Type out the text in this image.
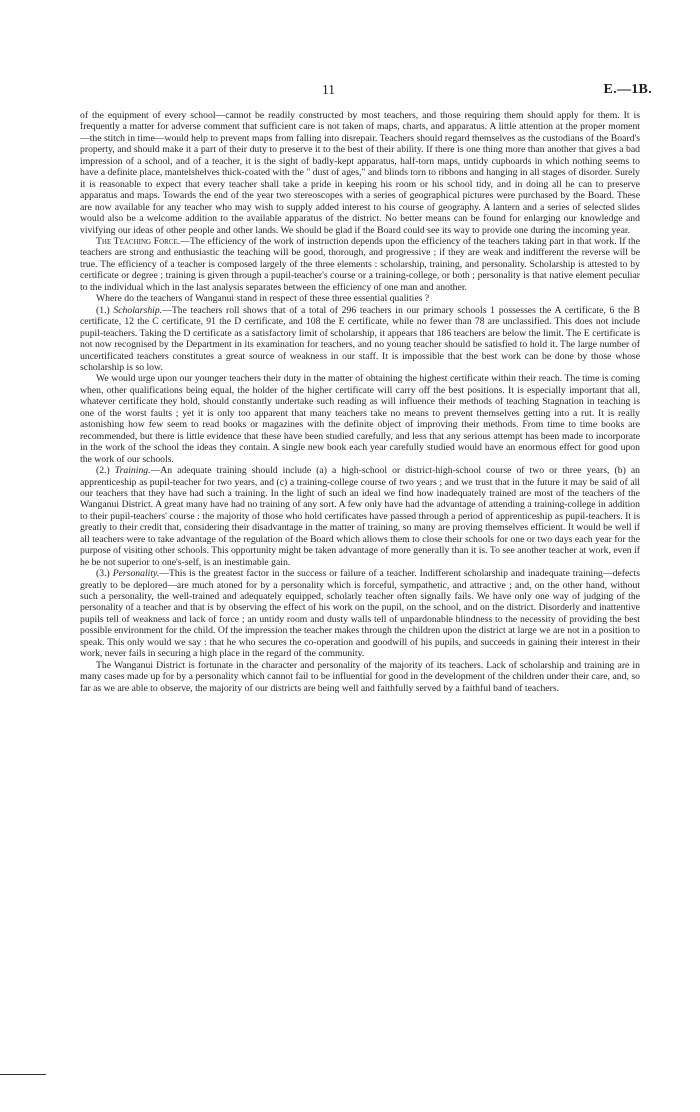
11	E.—1B.

of the equipment of every school—cannot be readily constructed by most teachers, and those requiring them should apply for them. It is frequently a matter for adverse comment that sufficient care is not taken of maps, charts, and apparatus. A little attention at the proper moment—the stitch in time—would help to prevent maps from falling into disrepair. Teachers should regard themselves as the custodians of the Board's property, and should make it a part of their duty to preserve it to the best of their ability. If there is one thing more than another that gives a bad impression of a school, and of a teacher, it is the sight of badly-kept apparatus, half-torn maps, untidy cupboards in which nothing seems to have a definite place, mantelshelves thick-coated with the " dust of ages," and blinds torn to ribbons and hanging in all stages of disorder. Surely it is reasonable to expect that every teacher shall take a pride in keeping his room or his school tidy, and in doing all he can to preserve apparatus and maps. Towards the end of the year two stereoscopes with a series of geographical pictures were purchased by the Board. These are now available for any teacher who may wish to supply added interest to his course of geography. A lantern and a series of selected slides would also be a welcome addition to the available apparatus of the district. No better means can be found for enlarging our knowledge and vivifying our ideas of other people and other lands. We should be glad if the Board could see its way to provide one during the incoming year.

The Teaching Force.—The efficiency of the work of instruction depends upon the efficiency of the teachers taking part in that work. If the teachers are strong and enthusiastic the teaching will be good, thorough, and progressive ; if they are weak and indifferent the reverse will be true. The efficiency of a teacher is composed largely of the three elements : scholarship, training, and personality. Scholarship is attested to by certificate or degree ; training is given through a pupil-teacher's course or a training-college, or both ; personality is that native element peculiar to the individual which in the last analysis separates between the efficiency of one man and another.

Where do the teachers of Wanganui stand in respect of these three essential qualities ?

(1.) Scholarship.—The teachers roll shows that of a total of 296 teachers in our primary schools 1 possesses the A certificate, 6 the B certificate, 12 the C certificate, 91 the D certificate, and 108 the E certificate, while no fewer than 78 are unclassified. This does not include pupil-teachers. Taking the D certificate as a satisfactory limit of scholarship, it appears that 186 teachers are below the limit. The E certificate is not now recognised by the Department in its examination for teachers, and no young teacher should be satisfied to hold it. The large number of uncertificated teachers constitutes a great source of weakness in our staff. It is impossible that the best work can be done by those whose scholarship is so low.

We would urge upon our younger teachers their duty in the matter of obtaining the highest certificate within their reach. The time is coming when, other qualifications being equal, the holder of the higher certificate will carry off the best positions. It is especially important that all, whatever certificate they hold, should constantly undertake such reading as will influence their methods of teaching Stagnation in teaching is one of the worst faults ; yet it is only too apparent that many teachers take no means to prevent themselves getting into a rut. It is really astonishing how few seem to read books or magazines with the definite object of improving their methods. From time to time books are recommended, but there is little evidence that these have been studied carefully, and less that any serious attempt has been made to incorporate in the work of the school the ideas they contain. A single new book each year carefully studied would have an enormous effect for good upon the work of our schools.

(2.) Training.—An adequate training should include (a) a high-school or district-high-school course of two or three years, (b) an apprenticeship as pupil-teacher for two years, and (c) a training-college course of two years ; and we trust that in the future it may be said of all our teachers that they have had such a training. In the light of such an ideal we find how inadequately trained are most of the teachers of the Wanganui District. A great many have had no training of any sort. A few only have had the advantage of attending a training-college in addition to their pupil-teachers' course : the majority of those who hold certificates have passed through a period of apprenticeship as pupil-teachers. It is greatly to their credit that, considering their disadvantage in the matter of training, so many are proving themselves efficient. It would be well if all teachers were to take advantage of the regulation of the Board which allows them to close their schools for one or two days each year for the purpose of visiting other schools. This opportunity might be taken advantage of more generally than it is. To see another teacher at work, even if he be not superior to one's-self, is an inestimable gain.

(3.) Personality.—This is the greatest factor in the success or failure of a teacher. Indifferent scholarship and inadequate training—defects greatly to be deplored—are much atoned for by a personality which is forceful, sympathetic, and attractive ; and, on the other hand, without such a personality, the well-trained and adequately equipped, scholarly teacher often signally fails. We have only one way of judging of the personality of a teacher and that is by observing the effect of his work on the pupil, on the school, and on the district. Disorderly and inattentive pupils tell of weakness and lack of force ; an untidy room and dusty walls tell of unpardonable blindness to the necessity of providing the best possible environment for the child. Of the impression the teacher makes through the children upon the district at large we are not in a position to speak. This only would we say : that he who secures the co-operation and goodwill of his pupils, and succeeds in gaining their interest in their work, never fails in securing a high place in the regard of the community.

The Wanganui District is fortunate in the character and personality of the majority of its teachers. Lack of scholarship and training are in many cases made up for by a personality which cannot fail to be influential for good in the development of the children under their care, and, so far as we are able to observe, the majority of our districts are being well and faithfully served by a faithful band of teachers.
